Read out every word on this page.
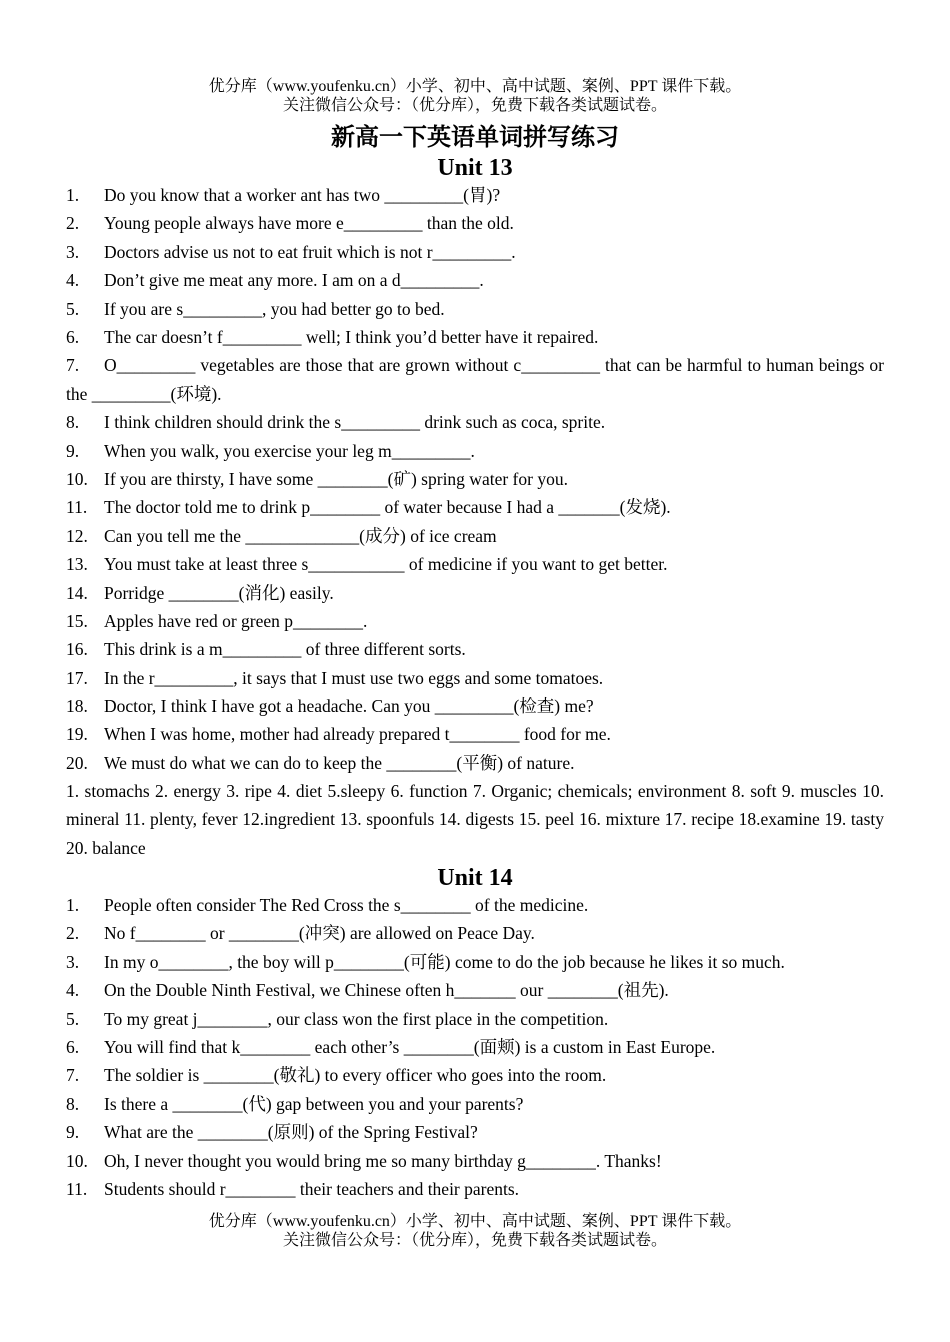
优分库（www.youfenku.cn）小学、初中、高中试题、案例、PPT 课件下载。
关注微信公众号：（优分库），免费下载各类试题试卷。
新高一下英语单词拼写练习
Unit 13
1. Do you know that a worker ant has two _________(胃)?
2. Young people always have more e_________ than the old.
3. Doctors advise us not to eat fruit which is not r_________.
4. Don’t give me meat any more. I am on a d_________.
5. If you are s_________, you had better go to bed.
6. The car doesn’t f_________ well; I think you’d better have it repaired.
7. O_________ vegetables are those that are grown without c_________ that can be harmful to human beings or the _________(环境).
8. I think children should drink the s_________ drink such as coca, sprite.
9. When you walk, you exercise your leg m_________.
10. If you are thirsty, I have some ________(矿) spring water for you.
11. The doctor told me to drink p________ of water because I had a _______(发烧).
12. Can you tell me the _____________(成分) of ice cream
13. You must take at least three s___________ of medicine if you want to get better.
14. Porridge ________(消化) easily.
15. Apples have red or green p________.
16. This drink is a m_________ of three different sorts.
17. In the r_________, it says that I must use two eggs and some tomatoes.
18. Doctor, I think I have got a headache. Can you _________(检查) me?
19. When I was home, mother had already prepared t________ food for me.
20. We must do what we can do to keep the ________(平衡) of nature.

1. stomachs 2. energy 3. ripe 4. diet 5.sleepy 6. function 7. Organic; chemicals; environment 8. soft 9. muscles 10. mineral 11. plenty, fever 12.ingredient 13. spoonfuls 14. digests 15. peel 16. mixture 17. recipe 18.examine 19. tasty 20. balance

Unit 14
1. People often consider The Red Cross the s________ of the medicine.
2. No f________ or ________(冲突) are allowed on Peace Day.
3. In my o________, the boy will p________(可能) come to do the job because he likes it so much.
4. On the Double Ninth Festival, we Chinese often h_______ our ________(祖先).
5. To my great j________, our class won the first place in the competition.
6. You will find that k________ each other’s ________(面颊) is a custom in East Europe.
7. The soldier is ________(敬礼) to every officer who goes into the room.
8. Is there a ________(代) gap between you and your parents?
9. What are the ________(原则) of the Spring Festival?
10. Oh, I never thought you would bring me so many birthday g________. Thanks!
11. Students should r________ their teachers and their parents.
优分库（www.youfenku.cn）小学、初中、高中试题、案例、PPT 课件下载。
关注微信公众号：（优分库），免费下载各类试题试卷。
